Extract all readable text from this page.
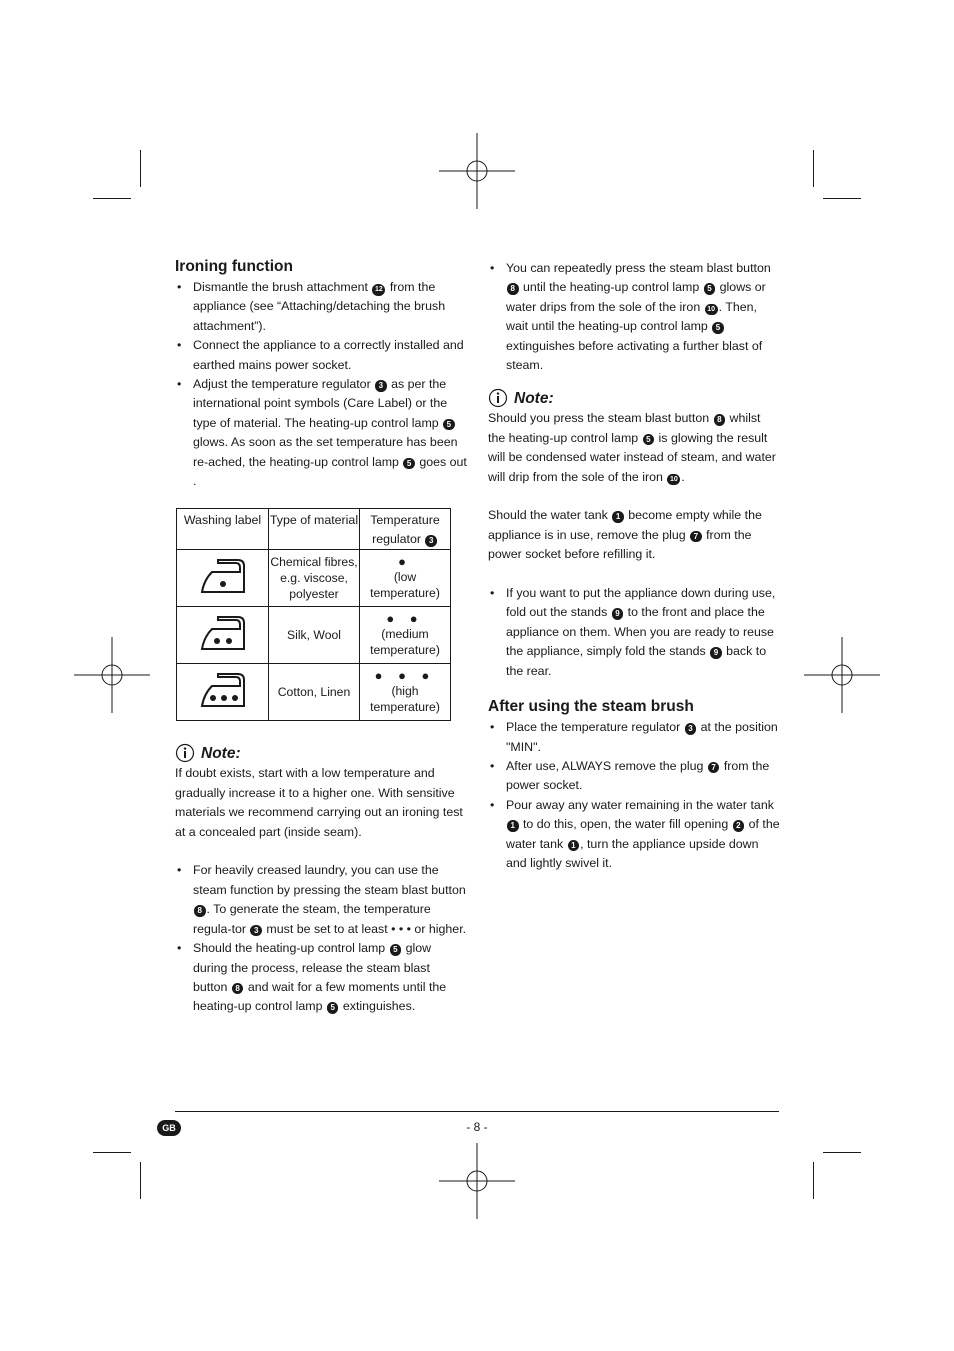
Ironing function
• Dismantle the brush attachment 12 from the appliance (see “Attaching/detaching the brush attachment”).
• Connect the appliance to a correctly installed and earthed mains power socket.
• Adjust the temperature regulator 3 as per the international point symbols (Care Label) or the type of material. The heating-up control lamp 5 glows. As soon as the set temperature has been re-ached, the heating-up control lamp 5 goes out .
Washing label	Type of material	Temperature regulator 3
	Chemical fibres, e.g. viscose, polyester	●
(low temperature)
	Silk, Wool	● ●
(medium temperature)
	Cotton, Linen	● ● ●
(high temperature)
Note:

If doubt exists, start with a low temperature and gradually increase it to a higher one. With sensitive materials we recommend carrying out an ironing test at a concealed part (inside seam).

• For heavily creased laundry, you can use the steam function by pressing the steam blast button 8 . To generate the steam, the temperature regula-tor 3 must be set to at least • • • or higher.
• Should the heating-up control lamp 5 glow during the process, release the steam blast button 8 and wait for a few moments until the heating-up control lamp 5 extinguishes.
• You can repeatedly press the steam blast button 8 until the heating-up control lamp 5 glows or water drips from the sole of the iron 10 . Then, wait until the heating-up control lamp 5 extinguishes before activating a further blast of steam.
Note:

Should you press the steam blast button 8 whilst the heating-up control lamp 5 is glowing the result will be condensed water instead of steam, and water will drip from the sole of the iron 10 .

Should the water tank 1 become empty while the appliance is in use, remove the plug 7 from the power socket before refilling it.

• If you want to put the appliance down during use, fold out the stands 9 to the front and place the appliance on them. When you are ready to reuse the appliance, simply fold the stands 9 back to the rear.
After using the steam brush
• Place the temperature regulator 3 at the position "MIN".
• After use, ALWAYS remove the plug 7 from the power socket.
• Pour away any water remaining in the water tank 1 to do this, open, the water fill opening 2 of the water tank 1 , turn the appliance upside down and lightly swivel it.
GB	- 8 -
